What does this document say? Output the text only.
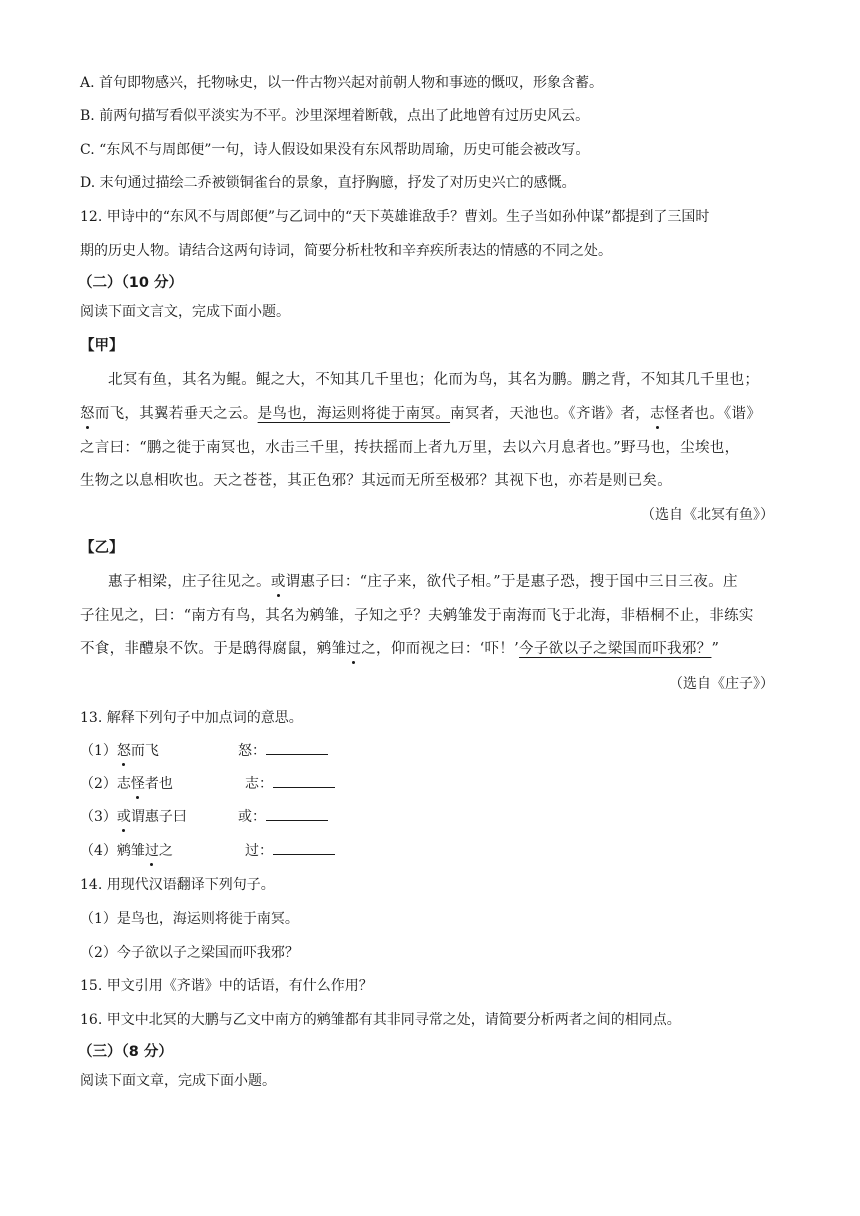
A. 首句即物感兴，托物咏史，以一件古物兴起对前朝人物和事迹的慨叹，形象含蓄。
B. 前两句描写看似平淡实为不平。沙里深埋着断戟，点出了此地曾有过历史风云。
C. “东风不与周郎便”一句，诗人假设如果没有东风帮助周瑜，历史可能会被改写。
D. 末句通过描绘二乔被锁铜雀台的景象，直抒胸臆，抒发了对历史兴亡的感慨。
12. 甲诗中的“东风不与周郎便”与乙词中的“天下英雄谁敌手？曹刘。生子当如孙仲谋”都提到了三国时
期的历史人物。请结合这两句诗词，简要分析杜牧和辛弃疾所表达的情感的不同之处。
（二）（10 分）
阅读下面文言文，完成下面小题。
【甲】
北冥有鱼，其名为鲲。鲲之大，不知其几千里也；化而为鸟，其名为鹏。鹏之背，不知其几千里也；
怒而飞，其翼若垂天之云。是鸟也，海运则将徙于南冥。南冥者，天池也。《齐谐》者，志怪者也。《谐》
之言曰：“鹏之徙于南冥也，水击三千里，抟扶摇而上者九万里，去以六月息者也。”野马也，尘埃也，
生物之以息相吹也。天之苍苍，其正色邪？其远而无所至极邪？其视下也，亦若是则已矣。
（选自《北冥有鱼》）
【乙】
惠子相梁，庄子往见之。或谓惠子曰：“庄子来，欲代子相。”于是惠子恐，搜于国中三日三夜。庄
子往见之，曰：“南方有鸟，其名为鹓雏，子知之乎？夫鹓雏发于南海而飞于北海，非梧桐不止，非练实
不食，非醴泉不饮。于是鸱得腐鼠，鹓雏过之，仰而视之曰：‘吓！’今子欲以子之梁国而吓我邪？”
（选自《庄子》）
13. 解释下列句子中加点词的意思。
（1）怒而飞	怒：
（2）志怪者也	志：
（3）或谓惠子曰	或：
（4）鹓雏过之	过：
14. 用现代汉语翻译下列句子。
（1）是鸟也，海运则将徙于南冥。
（2）今子欲以子之梁国而吓我邪？
15. 甲文引用《齐谐》中的话语，有什么作用？
16. 甲文中北冥的大鹏与乙文中南方的鹓雏都有其非同寻常之处，请简要分析两者之间的相同点。
（三）（8 分）
阅读下面文章，完成下面小题。
